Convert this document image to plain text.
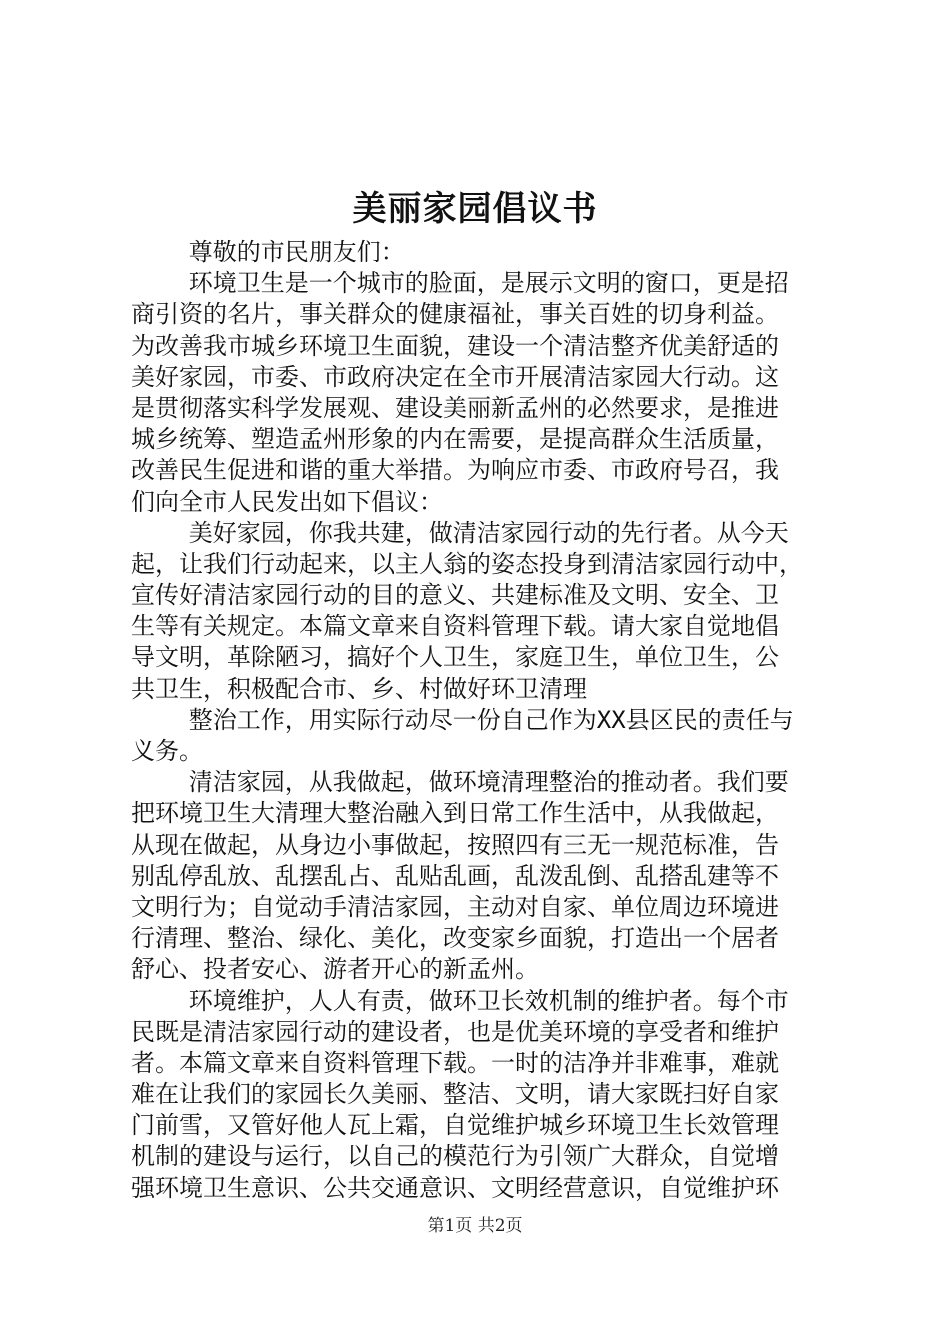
美丽家园倡议书
尊敬的市民朋友们：
环境卫生是一个城市的脸面，是展示文明的窗口，更是招
商引资的名片，事关群众的健康福祉，事关百姓的切身利益。
为改善我市城乡环境卫生面貌，建设一个清洁整齐优美舒适的
美好家园，市委、市政府决定在全市开展清洁家园大行动。这
是贯彻落实科学发展观、建设美丽新孟州的必然要求，是推进
城乡统筹、塑造孟州形象的内在需要，是提高群众生活质量，
改善民生促进和谐的重大举措。为响应市委、市政府号召，我
们向全市人民发出如下倡议：
美好家园，你我共建，做清洁家园行动的先行者。从今天
起，让我们行动起来，以主人翁的姿态投身到清洁家园行动中，
宣传好清洁家园行动的目的意义、共建标准及文明、安全、卫
生等有关规定。本篇文章来自资料管理下载。请大家自觉地倡
导文明，革除陋习，搞好个人卫生，家庭卫生，单位卫生，公
共卫生，积极配合市、乡、村做好环卫清理
整治工作，用实际行动尽一份自己作为XX县区民的责任与
义务。
清洁家园，从我做起，做环境清理整治的推动者。我们要
把环境卫生大清理大整治融入到日常工作生活中，从我做起，
从现在做起，从身边小事做起，按照四有三无一规范标准，告
别乱停乱放、乱摆乱占、乱贴乱画，乱泼乱倒、乱搭乱建等不
文明行为；自觉动手清洁家园，主动对自家、单位周边环境进
行清理、整治、绿化、美化，改变家乡面貌，打造出一个居者
舒心、投者安心、游者开心的新孟州。
环境维护，人人有责，做环卫长效机制的维护者。每个市
民既是清洁家园行动的建设者，也是优美环境的享受者和维护
者。本篇文章来自资料管理下载。一时的洁净并非难事，难就
难在让我们的家园长久美丽、整洁、文明，请大家既扫好自家
门前雪，又管好他人瓦上霜，自觉维护城乡环境卫生长效管理
机制的建设与运行，以自己的模范行为引领广大群众，自觉增
强环境卫生意识、公共交通意识、文明经营意识，自觉维护环
第1页 共2页
